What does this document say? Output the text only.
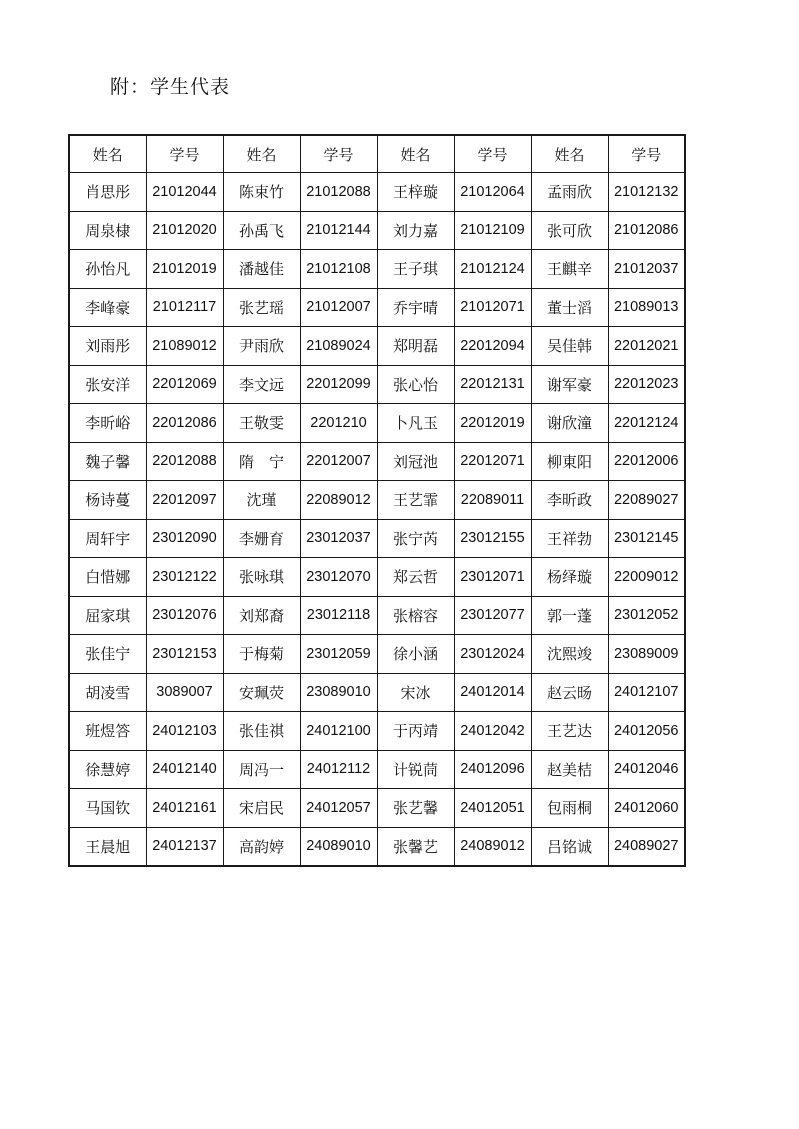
附：学生代表
姓名	学号	姓名	学号	姓名	学号	姓名	学号
肖思彤	21012044	陈束竹	21012088	王梓璇	21012064	孟雨欣	21012132
周泉棣	21012020	孙禹飞	21012144	刘力嘉	21012109	张可欣	21012086
孙怡凡	21012019	潘越佳	21012108	王子琪	21012124	王麒辛	21012037
李峰豪	21012117	张艺瑶	21012007	乔宇晴	21012071	董士滔	21089013
刘雨彤	21089012	尹雨欣	21089024	郑明磊	22012094	吴佳韩	22012021
张安洋	22012069	李文远	22012099	张心怡	22012131	谢军豪	22012023
李昕峪	22012086	王敬雯	2201210	卜凡玉	22012019	谢欣潼	22012124
魏子馨	22012088	隋　宁	22012007	刘冠池	22012071	柳東阳	22012006
杨诗蔓	22012097	沈瑾	22089012	王艺霏	22089011	李昕政	22089027
周轩宇	23012090	李姗育	23012037	张宁芮	23012155	王祥勃	23012145
白惜娜	23012122	张咏琪	23012070	郑云哲	23012071	杨绎璇	22009012
屈家琪	23012076	刘郑裔	23012118	张榕容	23012077	郭一蓬	23012052
张佳宁	23012153	于梅菊	23012059	徐小涵	23012024	沈熙竣	23089009
胡凌雪	3089007	安珮荧	23089010	宋冰	24012014	赵云旸	24012107
班煜答	24012103	张佳祺	24012100	于丙靖	24012042	王艺达	24012056
徐慧婷	24012140	周冯一	24012112	计锐茼	24012096	赵美桔	24012046
马国钦	24012161	宋启民	24012057	张艺馨	24012051	包雨桐	24012060
王晨旭	24012137	高韵婷	24089010	张馨艺	24089012	吕铭诚	24089027
